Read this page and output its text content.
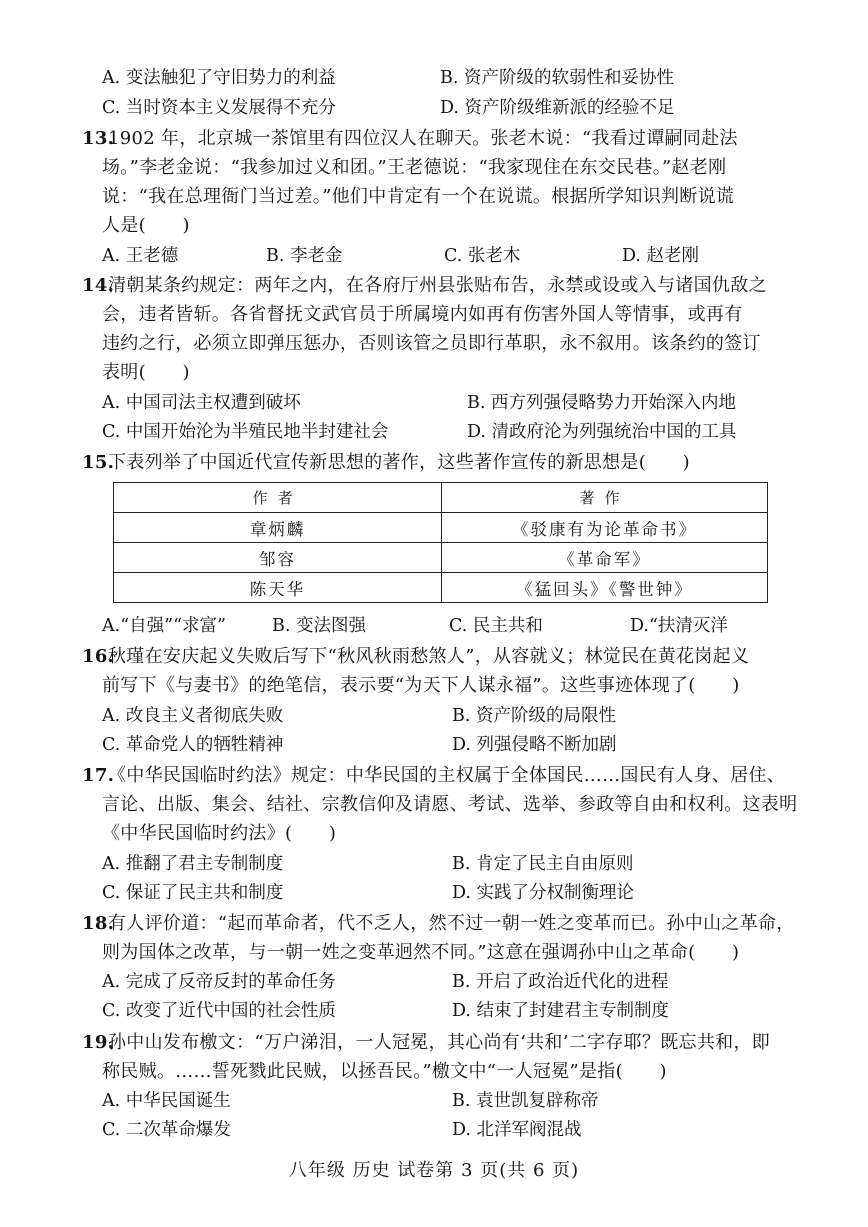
A. 变法触犯了守旧势力的利益	B. 资产阶级的软弱性和妥协性
C. 当时资本主义发展得不充分	D. 资产阶级维新派的经验不足
13.
1902 年，北京城一茶馆里有四位汉人在聊天。张老木说：“我看过谭嗣同赴法
场。”李老金说：“我参加过义和团。”王老德说：“我家现住在东交民巷。”赵老刚
说：“我在总理衙门当过差。”他们中肯定有一个在说谎。根据所学知识判断说谎
人是(　　)
A. 王老德	B. 李老金	C. 张老木	D. 赵老刚
14.
清朝某条约规定：两年之内，在各府厅州县张贴布告，永禁或设或入与诸国仇敌之
会，违者皆斩。各省督抚文武官员于所属境内如再有伤害外国人等情事，或再有
违约之行，必须立即弹压惩办，否则该管之员即行革职，永不叙用。该条约的签订
表明(　　)
A. 中国司法主权遭到破坏	B. 西方列强侵略势力开始深入内地
C. 中国开始沦为半殖民地半封建社会	D. 清政府沦为列强统治中国的工具
15.
下表列举了中国近代宣传新思想的著作，这些著作宣传的新思想是(　　)
作者	著作
章炳麟	《驳康有为论革命书》
邹容	《革命军》
陈天华	《猛回头》《警世钟》
A.“自强”“求富”	B. 变法图强	C. 民主共和	D.“扶清灭洋
16.
秋瑾在安庆起义失败后写下“秋风秋雨愁煞人”，从容就义；林觉民在黄花岗起义
前写下《与妻书》的绝笔信，表示要“为天下人谋永福”。这些事迹体现了(　　)
A. 改良主义者彻底失败	B. 资产阶级的局限性
C. 革命党人的牺牲精神	D. 列强侵略不断加剧
17.
《中华民国临时约法》规定：中华民国的主权属于全体国民……国民有人身、居住、
言论、出版、集会、结社、宗教信仰及请愿、考试、选举、参政等自由和权利。这表明
《中华民国临时约法》(　　)
A. 推翻了君主专制制度	B. 肯定了民主自由原则
C. 保证了民主共和制度	D. 实践了分权制衡理论
18.
有人评价道：“起而革命者，代不乏人，然不过一朝一姓之变革而已。孙中山之革命，
则为国体之改革，与一朝一姓之变革迥然不同。”这意在强调孙中山之革命(　　)
A. 完成了反帝反封的革命任务	B. 开启了政治近代化的进程
C. 改变了近代中国的社会性质	D. 结束了封建君主专制制度
19.
孙中山发布檄文：“万户涕泪，一人冠冕，其心尚有‘共和’二字存耶？既忘共和，即
称民贼。……誓死戮此民贼，以拯吾民。”檄文中“一人冠冕”是指(　　)
A. 中华民国诞生	B. 袁世凯复辟称帝
C. 二次革命爆发	D. 北洋军阀混战
八年级 历史 试卷第 3 页(共 6 页)
